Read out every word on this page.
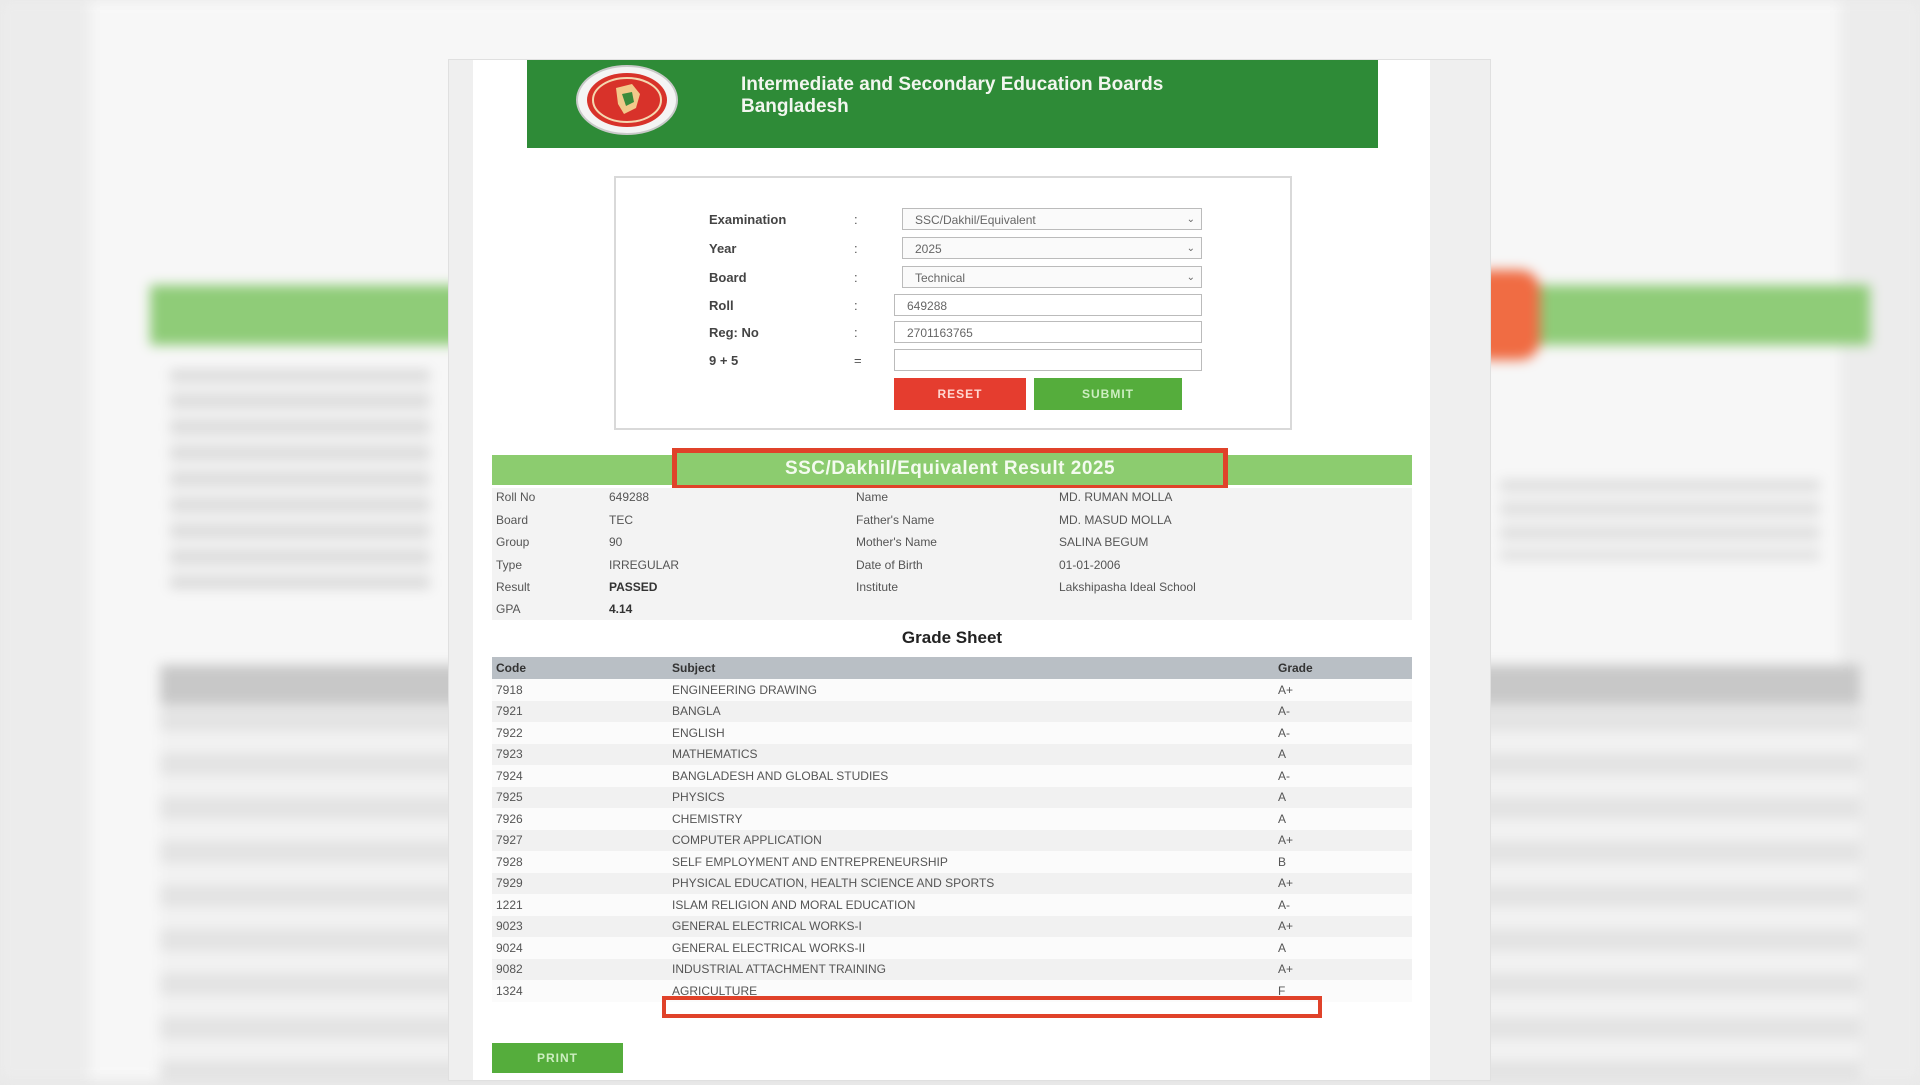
Intermediate and Secondary Education Boards
Bangladesh
Examination	:	SSC/Dakhil/Equivalent	⌄
Year	:	2025	⌄
Board	:	Technical	⌄
Roll	:	649288
Reg: No	:	2701163765
9 + 5	=
RESET	SUBMIT
SSC/Dakhil/Equivalent Result 2025
Roll No	649288	Name	MD. RUMAN MOLLA
Board	TEC	Father's Name	MD. MASUD MOLLA
Group	90	Mother's Name	SALINA BEGUM
Type	IRREGULAR	Date of Birth	01-01-2006
Result	PASSED	Institute	Lakshipasha Ideal School
GPA	4.14
Grade Sheet
Code	Subject	Grade
7918	ENGINEERING DRAWING	A+
7921	BANGLA	A-
7922	ENGLISH	A-
7923	MATHEMATICS	A
7924	BANGLADESH AND GLOBAL STUDIES	A-
7925	PHYSICS	A
7926	CHEMISTRY	A
7927	COMPUTER APPLICATION	A+
7928	SELF EMPLOYMENT AND ENTREPRENEURSHIP	B
7929	PHYSICAL EDUCATION, HEALTH SCIENCE AND SPORTS	A+
1221	ISLAM RELIGION AND MORAL EDUCATION	A-
9023	GENERAL ELECTRICAL WORKS-I	A+
9024	GENERAL ELECTRICAL WORKS-II	A
9082	INDUSTRIAL ATTACHMENT TRAINING	A+
1324	AGRICULTURE	F
PRINT
